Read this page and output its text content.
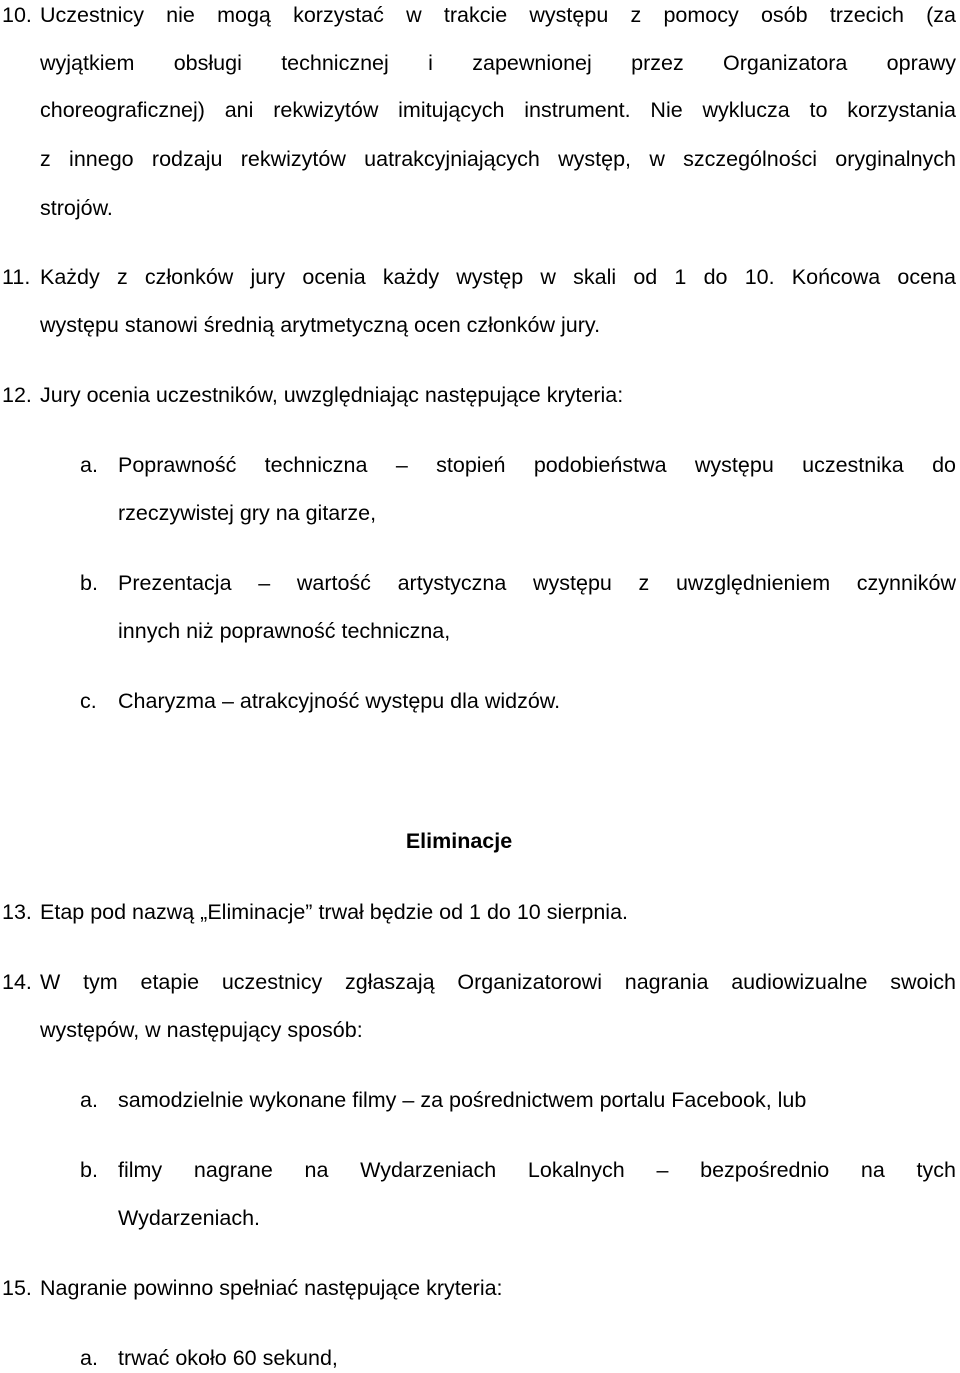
10. Uczestnicy nie mogą korzystać w trakcie występu z pomocy osób trzecich (za
wyjątkiem obsługi technicznej i zapewnionej przez Organizatora oprawy
choreograficznej) ani rekwizytów imitujących instrument. Nie wyklucza to korzystania
z innego rodzaju rekwizytów uatrakcyjniających występ, w szczególności oryginalnych
strojów.
11. Każdy z członków jury ocenia każdy występ w skali od 1 do 10. Końcowa ocena
występu stanowi średnią arytmetyczną ocen członków jury.
12. Jury ocenia uczestników, uwzględniając następujące kryteria:
a. Poprawność techniczna – stopień podobieństwa występu uczestnika do
rzeczywistej gry na gitarze,
b. Prezentacja – wartość artystyczna występu z uwzględnieniem czynników
innych niż poprawność techniczna,
c. Charyzma – atrakcyjność występu dla widzów.
Eliminacje
13. Etap pod nazwą „Eliminacje” trwał będzie od 1 do 10 sierpnia.
14. W tym etapie uczestnicy zgłaszają Organizatorowi nagrania audiowizualne swoich
występów, w następujący sposób:
a. samodzielnie wykonane filmy – za pośrednictwem portalu Facebook, lub
b. filmy nagrane na Wydarzeniach Lokalnych – bezpośrednio na tych
Wydarzeniach.
15. Nagranie powinno spełniać następujące kryteria:
a. trwać około 60 sekund,
